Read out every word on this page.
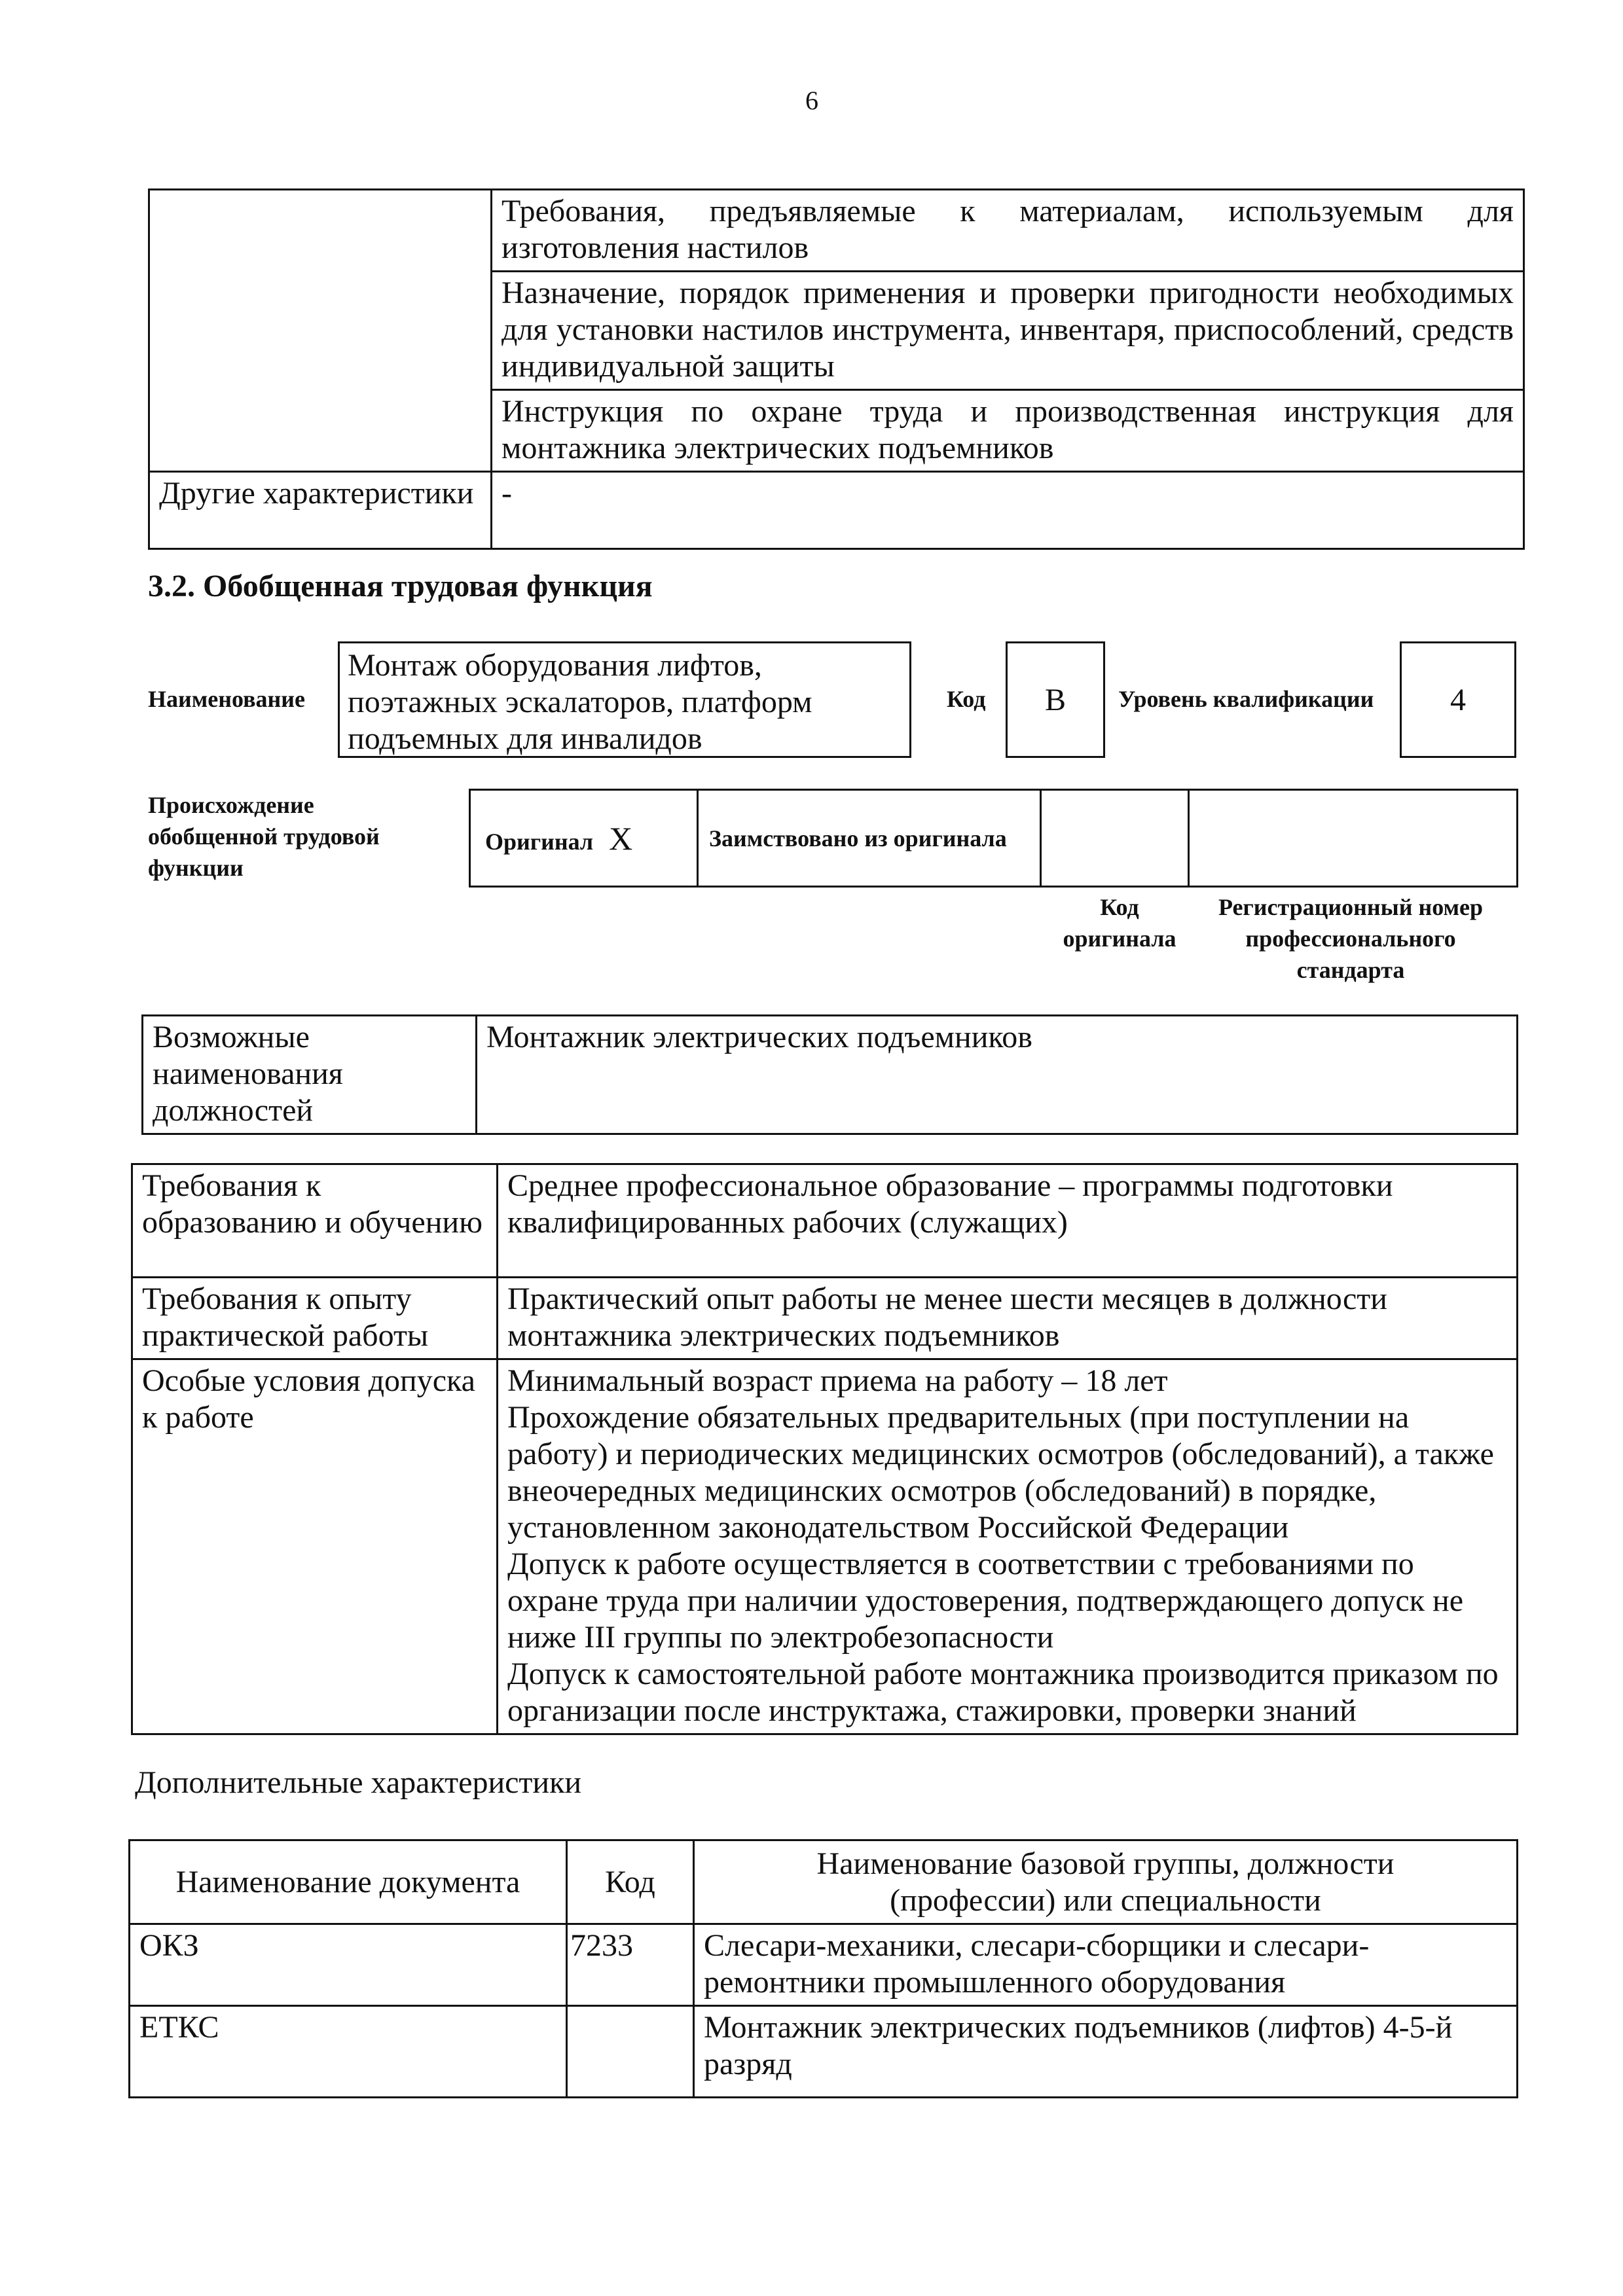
6
	Требования, предъявляемые к материалам, используемым для изготовления настилов
	Назначение, порядок применения и проверки пригодности необходимых для установки настилов инструмента, инвентаря, приспособлений, средств индивидуальной защиты
	Инструкция по охране труда и производственная инструкция для монтажника электрических подъемников
Другие характеристики	-
3.2. Обобщенная трудовая функция
Наименование
Монтаж оборудования лифтов, поэтажных эскалаторов, платформ подъемных для инвалидов
Код B Уровень квалификации 4
Происхождение обобщенной трудовой функции
Оригинал X	Заимствовано из оригинала		
Код оригинала
Регистрационный номер профессионального стандарта
Возможные наименования должностей	Монтажник электрических подъемников
Требования к образованию и обучению	Среднее профессиональное образование – программы подготовки квалифицированных рабочих (служащих)

Требования к опыту практической работы	Практический опыт работы не менее шести месяцев в должности монтажника электрических подъемников

Особые условия допуска к работе	Минимальный возраст приема на работу – 18 лет
Прохождение обязательных предварительных (при поступлении на работу) и периодических медицинских осмотров (обследований), а также внеочередных медицинских осмотров (обследований) в порядке, установленном законодательством Российской Федерации
Допуск к работе осуществляется в соответствии с требованиями по охране труда при наличии удостоверения, подтверждающего допуск не ниже III группы по электробезопасности
Допуск к самостоятельной работе монтажника производится приказом по организации после инструктажа, стажировки, проверки знаний
Дополнительные характеристики
Наименование документа	Код	Наименование базовой группы, должности (профессии) или специальности
ОКЗ	7233	Слесари-механики, слесари-сборщики и слесари-ремонтники промышленного оборудования
ЕТКС		Монтажник электрических подъемников (лифтов) 4-5-й разряд
